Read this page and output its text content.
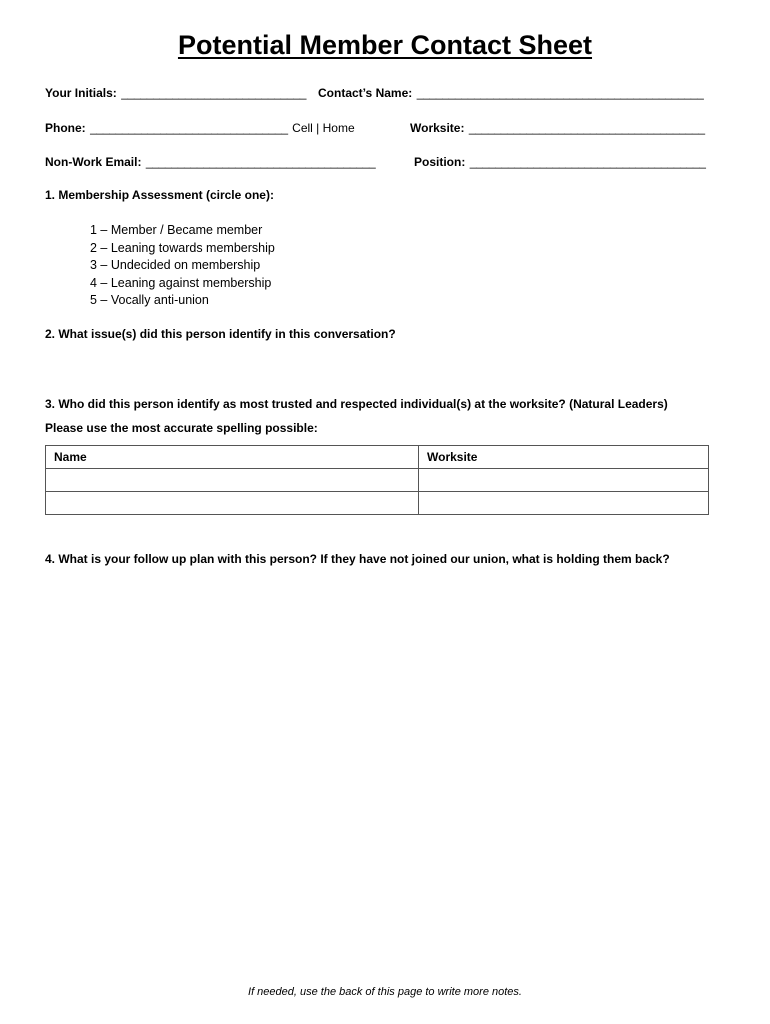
Potential Member Contact Sheet
Your Initials: _____________________________ Contact’s Name: _____________________________________________
Phone: _______________________________ Cell | Home	Worksite: _____________________________________
Non-Work Email: ____________________________________	Position: _____________________________________
1. Membership Assessment (circle one):
1 – Member / Became member
2 – Leaning towards membership
3 – Undecided on membership
4 – Leaning against membership
5 – Vocally anti-union
2. What issue(s) did this person identify in this conversation?
3. Who did this person identify as most trusted and respected individual(s) at the worksite? (Natural Leaders)
Please use the most accurate spelling possible:
Name	Worksite

4. What is your follow up plan with this person? If they have not joined our union, what is holding them back?
If needed, use the back of this page to write more notes.
